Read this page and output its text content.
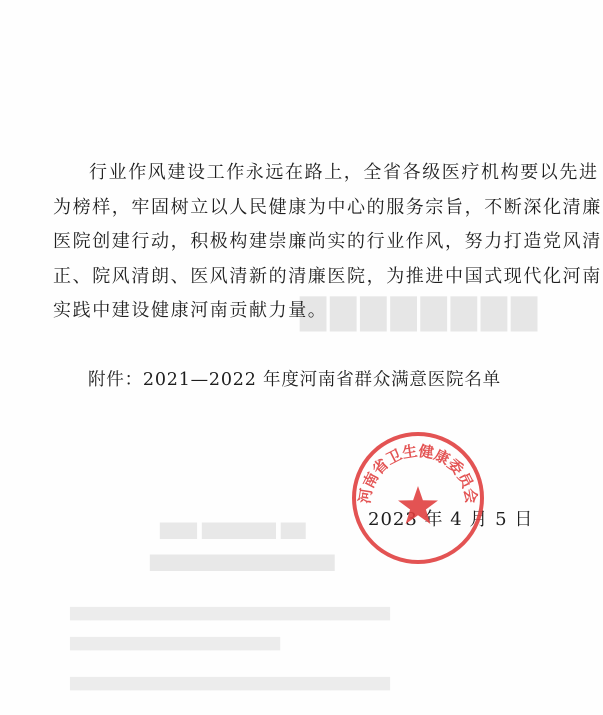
▇▇▇▇▇▇▇▇
▇▇▇ ▇▇▇▇▇▇ ▇▇
▇▇▇▇▇▇▇▇▇▇▇▇▇▇▇
▇▇▇▇▇▇▇▇▇▇▇▇▇▇▇▇▇▇▇▇▇▇▇▇▇▇▇▇▇▇▇▇
▇▇▇▇▇▇▇▇▇▇▇▇▇▇▇▇▇▇▇▇▇
▇▇▇▇▇▇▇▇▇▇▇▇▇▇▇▇▇▇▇▇▇▇▇▇▇▇▇▇▇▇▇▇
行业作风建设工作永远在路上，全省各级医疗机构要以先进
为榜样，牢固树立以人民健康为中心的服务宗旨，不断深化清廉
医院创建行动，积极构建崇廉尚实的行业作风，努力打造党风清
正、院风清朗、医风清新的清廉医院，为推进中国式现代化河南
实践中建设健康河南贡献力量。
附件：2021—2022 年度河南省群众满意医院名单
2023 年 4 月 5 日
河南省卫生健康委员会
